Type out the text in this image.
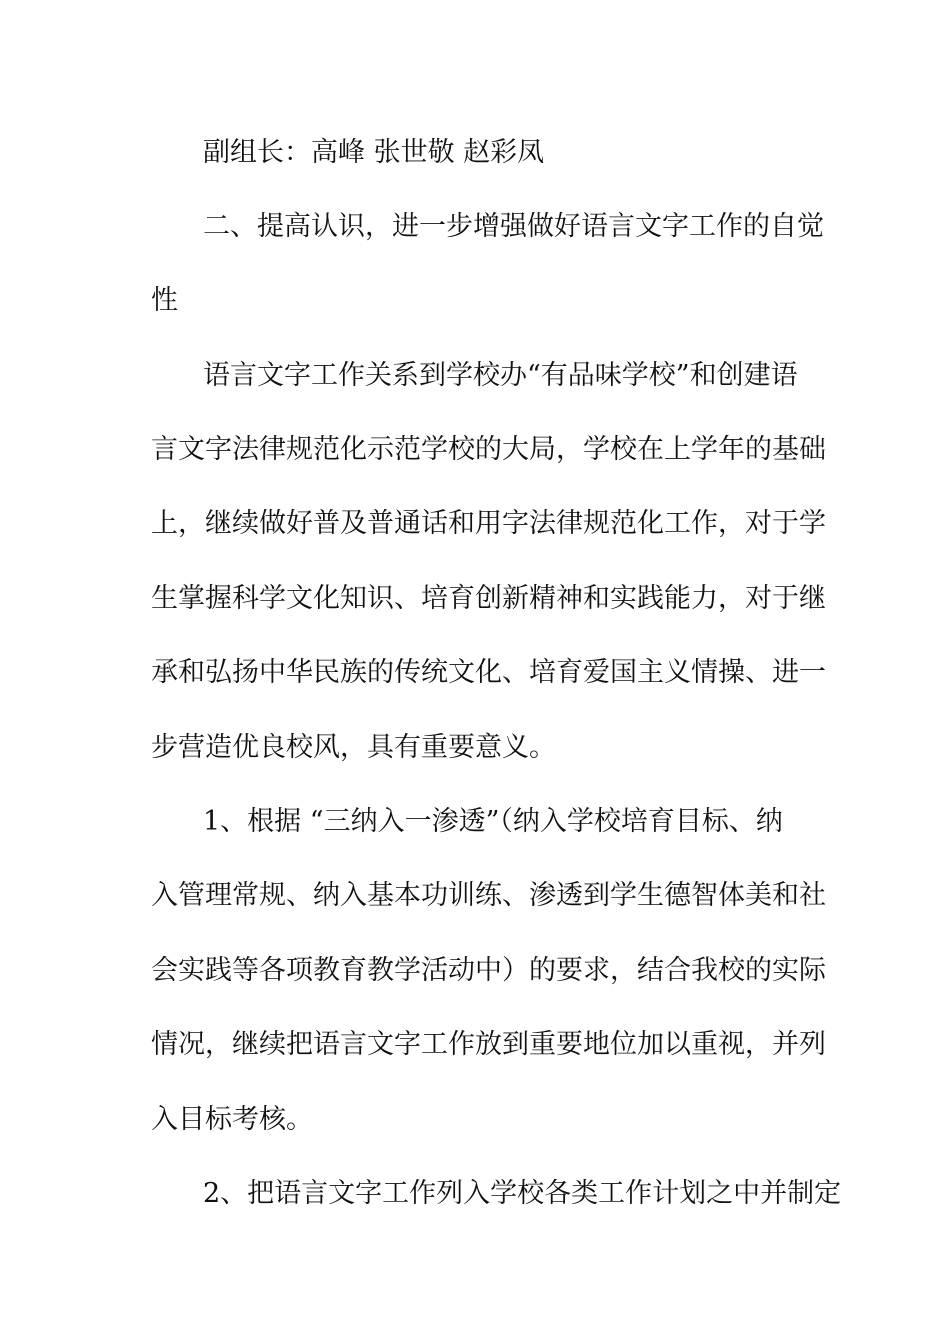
副组长：高峰 张世敬 赵彩凤
二、提高认识，进一步增强做好语言文字工作的自觉
性
语言文字工作关系到学校办“有品味学校”和创建语
言文字法律规范化示范学校的大局，学校在上学年的基础
上，继续做好普及普通话和用字法律规范化工作，对于学
生掌握科学文化知识、培育创新精神和实践能力，对于继
承和弘扬中华民族的传统文化、培育爱国主义情操、进一
步营造优良校风，具有重要意义。
1、根据 “三纳入一渗透”（纳入学校培育目标、纳
入管理常规、纳入基本功训练、渗透到学生德智体美和社
会实践等各项教育教学活动中）的要求，结合我校的实际
情况，继续把语言文字工作放到重要地位加以重视，并列
入目标考核。
2、把语言文字工作列入学校各类工作计划之中并制定
